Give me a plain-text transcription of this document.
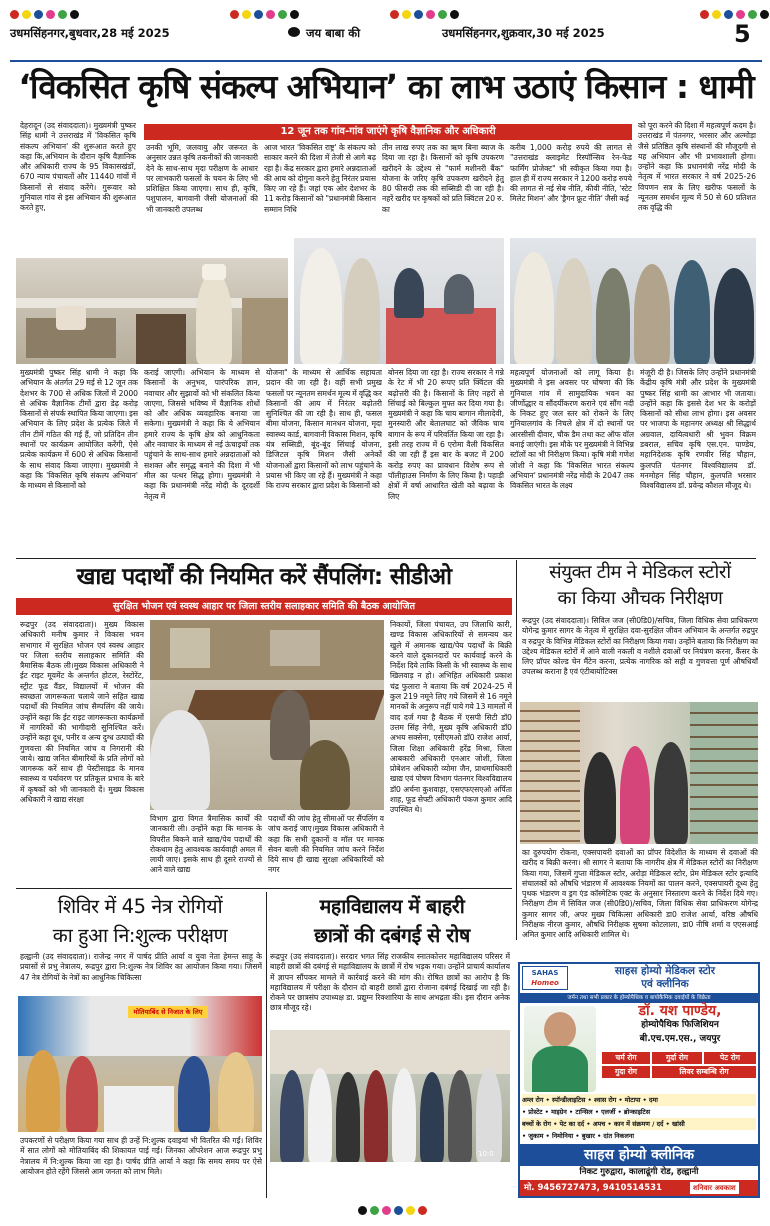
उधमसिंहनगर,बुधवार,28 मई 2025	जय बाबा की	उधमसिंहनगर,शुक्रवार,30 मई 2025	5
‘विकसित कृषि संकल्प अभियान’ का लाभ उठाएं किसान : धामी
देहरादून (उद संवाददाता)। मुख्यमंत्री पुष्कर सिंह धामी ने उत्तराखंड में 'विकसित कृषि संकल्प अभियान' की शुरूआत करते हुए कहा कि,अभियान के दौरान कृषि वैज्ञानिक और अधिकारी राज्य के 95 विकासखंडों, 670 न्याय पंचायतों और 11440 गांवों में किसानों से संवाद करेंगे। गुरूवार को गुनियाल गांव से इस अभियान की शुरूआत करते हुए,
12 जून तक गांव-गांव जाएंगे कृषि वैज्ञानिक और अधिकारी
उनकी भूमि, जलवायु और जरूरत के अनुसार उन्नत कृषि तकनीकों की जानकारी देने के साथ-साथ मृदा परीक्षण के आधार पर लाभकारी फसलों के चयन के लिए भी प्रशिक्षित किया जाएगा। साथ ही, कृषि, पशुपालन, बागवानी जैसी योजनाओं की भी जानकारी उपलब्ध
आज भारत 'विकसित राष्ट्र' के संकल्प को साकार करने की दिशा में तेजी से आगे बढ़ रहा है। केंद्र सरकार द्वारा हमारे अन्नदाताओं की आय को दोगुना करने हेतु निरंतर प्रयास किए जा रहे हैं। जहां एक ओर देशभर के 11 करोड़ किसानों को "प्रधानमंत्री किसान सम्मान निधि
तीन लाख रुपए तक का ऋण बिना ब्याज के दिया जा रहा है। किसानों को कृषि उपकरण खरीदने के उद्देश्य से "फार्म मशीनरी बैंक" योजना के जरिए कृषि उपकरण खरीदने हेतु 80 फीसदी तक की सब्सिडी दी जा रही है। नहरें खरीद पर कृषकों को प्रति क्विंटल 20 रु. का
करीब 1,000 करोड़ रुपये की लागत से "उत्तराखंड क्लाइमेट रिस्पॉन्सिव रेन-फेड फार्मिंग प्रोजेक्ट" भी स्वीकृत किया गया है। हाल ही में राज्य सरकार ने 1200 करोड़ रुपये की लागत से नई सेब नीति, कीवी नीति, 'स्टेट मिलेट मिशन' और 'ड्रैगन फ्रूट नीति' जैसी कई
को पूरा करने की दिशा में महत्वपूर्ण कदम है। उत्तराखंड में पंतनगर, भरसार और अल्मोड़ा जैसे प्रतिष्ठित कृषि संस्थानों की मौजूदगी से यह अभियान और भी प्रभावशाली होगा। उन्होंने कहा कि प्रधानमंत्री नरेंद्र मोदी के नेतृत्व में भारत सरकार ने वर्ष 2025-26 विपणन सत्र के लिए खरीफ फसलों के न्यूनतम समर्थन मूल्य में 50 से 60 प्रतिशत तक वृद्धि की
मुख्यमंत्री पुष्कर सिंह धामी ने कहा कि अभियान के अंतर्गत 29 मई से 12 जून तक देशभर के 700 से अधिक जिलों में 2000 से अधिक वैज्ञानिक टीमों द्वारा डेढ़ करोड़ किसानों से संपर्क स्थापित किया जाएगा। इस अभियान के लिए प्रदेश के प्रत्येक जिले में तीन टीमें गठित की गई हैं, जो प्रतिदिन तीन स्थानों पर कार्यक्रम आयोजित करेंगी, ऐसे प्रत्येक कार्यक्रम में 600 से अधिक किसानों के साथ संवाद किया जाएगा। मुख्यमंत्री ने कहा कि 'विकसित कृषि संकल्प अभियान' के माध्यम से किसानों को
कराई जाएगी। अभियान के माध्यम से किसानों के अनुभव, पारंपरिक ज्ञान, नवाचार और सुझावों को भी संकलित किया जाएगा, जिससे भविष्य में वैज्ञानिक शोधों को और अधिक व्यवहारिक बनाया जा सकेगा। मुख्यमंत्री ने कहा कि ये अभियान हमारे राज्य के कृषि क्षेत्र को आधुनिकता और नवाचार के माध्यम से नई ऊंचाइयों तक पहुंचाने के साथ-साथ हमारे अन्नदाताओं को सशक्त और समृद्ध बनाने की दिशा में भी मील का पत्थर सिद्ध होगा। मुख्यमंत्री ने कहा कि प्रधानमंत्री नरेंद्र मोदी के दूरदर्शी नेतृत्व में
योजना" के माध्यम से आर्थिक सहायता प्रदान की जा रही है। वहीं सभी प्रमुख फसलों पर न्यूनतम समर्थन मूल्य में वृद्धि कर किसानों की आय में निरंतर बढ़ोतरी सुनिश्चित की जा रही है। साथ ही, फसल बीमा योजना, किसान मानधन योजना, मृदा स्वास्थ्य कार्ड, बागवानी विकास मिशन, कृषि यंत्र सब्सिडी, बूंद-बूंद सिंचाई योजना, डिजिटल कृषि मिशन जैसी अनेकों योजनाओं द्वारा किसानों को लाभ पहुंचाने के प्रयास भी किए जा रहे हैं। मुख्यमंत्री ने कहा कि राज्य सरकार द्वारा प्रदेश के किसानों को
बोनस दिया जा रहा है। राज्य सरकार ने गन्ने के रेट में भी 20 रूपए प्रति क्विंटल की बढ़ोत्तरी की है। किसानों के लिए नहरों से सिंचाई को बिल्कुल मुफ्त कर दिया गया है। मुख्यमंत्री ने कहा कि चाय बागान मीलादेवी, मुनस्यारी और बेतालघाट को जैविक चाय बागान के रूप में परिवर्तित किया जा रहा है। इसी तरह राज्य में 6 एरोमा वैली विकसित की जा रही हैं इस बार के बजट में 200 करोड़ रुपए का प्रावधान विशेष रूप से पॉलीहाउस निर्माण के लिए किया है। पहाड़ी क्षेत्रों में वर्षा आधारित खेती को बढ़ावा के लिए
महत्वपूर्ण योजनाओं को लागू किया है। मुख्यमंत्री ने इस अवसर पर घोषणा की कि गुनियाल गांव में सामुदायिक भवन का जीर्णोद्धार व सौंदर्यीकरण कराने एवं सौंग नदी के निकट हुए जल स्तर को रोकने के लिए गुनियालगांव के निचले क्षेत्र में दो स्थानों पर आरसीसी दीवार, चौक डैम तथा कट ऑफ वॉल बनाई जाएंगी। इस मौके पर मुख्यमंत्री ने विभिन्न स्टॉलों का भी निरीक्षण किया। कृषि मंत्री गणेश जोशी ने कहा कि 'विकसित भारत संकल्प अभियान' प्रधानमंत्री नरेंद्र मोदी के 2047 तक विकसित भारत के लक्ष्य
मंजूरी दी है। जिसके लिए उन्होंने प्रधानमंत्री केंद्रीय कृषि मंत्री और प्रदेश के मुख्यमंत्री पुष्कर सिंह धामी का आभार भी जताया। उन्होंने कहा कि इससे देश भर के करोड़ों किसानों को सीधा लाभ होगा। इस अवसर पर भाजपा के महानगर अध्यक्ष श्री सिद्धार्थ अग्रवाल, दायित्वधारी श्री भुवन विक्रम डबराल, सचिव कृषि एस.एन. पाण्डेय, महानिदेशक कृषि रणवीर सिंह चौहान, कुलपति पंतनगर विश्वविद्यालय डॉ. मनमोहन सिंह चौहान, कुलपति भरसार विश्वविद्यालय डॉ. प्रवेन्द्र कौशल मौजूद थे।
खाद्य पदार्थों की नियमित करें सैंपलिंग: सीडीओ
सुरक्षित भोजन एवं स्वस्थ आहार पर जिला स्तरीय सलाहकार समिति की बैठक आयोजित
रूद्रपुर (उद संवाददाता)। मुख्य विकास अधिकारी मनीष कुमार ने विकास भवन सभागार में सुरक्षित भोजन एवं स्वस्थ आहार पर जिला स्तरीय सलाहकार समिति की त्रैमासिक बैठक ली।मुख्य विकास अधिकारी ने ईट राइट मूवमेंट के अन्तर्गत होटल, रेस्टोरेंट, स्ट्रीट फूड वैंडर, विद्यालयों में भोजन की स्वच्छता जागरूकता चलाये जाने सहित खाद्य पदार्थों की नियमित जांच सैम्पलिंग की जाये। उन्होंने कहा कि ईट राइट जागरूकता कार्यक्रमों में नागरिकों की भागीदारी सुनिश्चित करें। उन्होंने कहा दूध, पनीर व अन्य दुग्ध उत्पादों की गुणवत्ता की नियमित जांच व निगरानी की जाये। खाद्य जनित बीमारियों के प्रति लोगों को जागरूक करें साथ ही पेस्टीसाइड के मानव स्वास्थ्य व पर्यावरण पर प्रतिकूल प्रभाव के बारे में कृषकों को भी जानकारी दें। मुख्य विकास अधिकारी ने खाद्य संरक्षा
विभाग द्वारा विगत त्रैमासिक कार्यों की जानकारी ली। उन्होंने कहा कि मानक के विपरीत बिकने वाले खाद्य/पेय पदार्थों की रोकथाम हेतु आवश्यक कार्यवाही अमल में लायी जाए। इसके साथ ही दूसरे राज्यों से आने वाले खाद्य
पदार्थों की जांच हेतु सीमाओं पर सैंपलिंग व जांच कराई जाए।मुख्य विकास अधिकारी ने कहा कि सभी दुकानों व मॉल पर मानक सेवन बाली की नियमित जांच करने निर्देश दिये साथ ही खाद्य सुरक्षा अधिकारियों को नगर
निकायों, जिला पंचायत, उप जिलाधि कारी, खण्ड विकास अधिकारियों से समन्वय कर खुले में अमानक खाद्य/पेय पदार्थों के बिक्री करने वाले दुकानदारों पर कार्यवाई करने के निर्देश दिये ताकि किसी के भी स्वास्थ्य के साथ खिलवाड़ न हो। अभिहित अधिकारी प्रकाश चंद्र फुलारा ने बताया कि वर्ष 2024-25 में कुल 219 नमूने लिए गये जिसमें से 16 नमूने मानकों के अनुरूप नहीं पाये गये 13 मामलों में वाद दर्ज गया है बैठक में एसपी सिटी डॉ0 उत्तम सिंह नेगी, मुख्य कृषि अधिकारी डॉ0 अभय सक्सेना, एसीएमओ डॉ0 राजेश आर्या, जिला शिक्षा अधिकारी हरेंद्र मिश्रा, जिला आबकारी अधिकारी एनआर जोशी, जिला प्रोबेशन अधिकारी व्योमा जैन, प्राथमाधिकारी खाद्य एवं पोषण विभाग पंतनगर विश्वविद्यालय डॉ0 अर्चना कुशवाहा, एसएफएसएओ अर्पिता शाह, फूड सेफ्टी अधिकारी पंकज कुमार आदि उपस्थित थे।
संयुक्त टीम ने मेडिकल स्टोरों
का किया औचक निरीक्षण
रूद्रपुर (उद संवाददाता)। सिविल जज (सी0डि0)/सचिव, जिला विधिक सेवा प्राधिकरण योगेन्द्र कुमार सागर के नेतृत्व में सुरक्षित दवा-सुरक्षित जीवन अभियान के अन्तर्गत रुद्रपुर व रुद्रपुर के विभिन्न मेडिकल स्टोरों का निरीक्षण किया गया। उन्होंने बताया कि निरीक्षण का उद्देश्य मेडिकल स्टोरों में आने वाली नकली व नशीले दवाओं पर नियंत्रण करना, कैंसर के लिए प्रॉपर कोल्ड चेन मैंटेन करना, प्रत्येक नागरिक को सही व गुणवत्ता पूर्ण औषधियाँ उपलब्ध कराना है एवं एंटीबायोटिक्स
का दुरुपयोग रोकना, एक्सपायरी दवाओं का प्रॉपर विदेशीत के माध्यम से दवाओं की खरीद व बिक्री करना। श्री सागर ने बताया कि नागरीय क्षेत्र में मेडिकल स्टोरों का निरीक्षण किया गया, जिसमें गुप्ता मेडिकल स्टोर, अरोड़ा मेडिकल स्टोर, प्रेम मेडिकल स्टोर इत्यादि संचालकों को औषधि भंडारण में आवश्यक नियमों का पालन करने, एक्सपायरी दूध्य हेतु पृथक भंडारण व ड्रग एंड कॉस्मेटिक एक्ट के अनुसार निस्तारण करने के निर्देश दिये गए। निरीक्षण टीम में सिविल जज (सी0डि0)/सचिव, जिला विधिक सेवा प्राधिकरण योगेन्द्र कुमार सागर जी, अपर मुख्य चिकित्सा अधिकारी डा0 राजेश आर्या, वरिष्ठ औषधि निरीक्षक नीरज कुमार, औषधि निरीक्षक सुषमा कोटलाला, डा0 नीषि शर्मा व एएसआई अमित कुमार आदि अधिकारी शामिल थे।
शिविर में 45 नेत्र रोगियों
का हुआ नि:शुल्क परीक्षण
हल्द्वानी (उद संवाददाता)। राजेन्द्र नगर में पार्षद प्रीति आर्या व युवा नेता हेमन्त साहू के प्रयासों से प्रभु नेत्रालय, रूद्रपुर द्वारा नि:शुल्क नेत्र शिविर का आयोजन किया गया। जिसमें 47 नेत्र रोगियों के नेत्रों का आधुनिक चिकित्सा
मोतियाबिंद से निजात के लिए
उपकरणों से परीक्षण किया गया साथ ही उन्हें नि:शुल्क दवाइयां भी वितरित की गईं। शिविर में सात लोगों को मोतियाबिंद की शिकायत पाई गई। जिनका ऑपरेशन आज रूद्रपुर प्रभु नेत्रालय में नि:शुल्क किया जा रहा है। पार्षद प्रीति आर्या ने कहा कि समय समय पर ऐसे आयोजन होते रहेंगे जिससे आम जनता को लाभ मिले।
महाविद्यालय में बाहरी
छात्रों की दबंगई से रोष
रूद्रपुर (उद संवाददाता)। सरदार भगत सिंह राजकीय स्नातकोत्तर महाविद्यालय परिसर में बाहरी छात्रों की दबंगई से महाविद्यालय के छात्रों में रोष भड़क गया। उन्होंने प्राचार्य कार्यालय में ज्ञापन सौंपकर मामले में कार्रवाई करने की मांग की। रोषित छात्रों का आरोप है कि महाविद्यालय में परीक्षा के दौरान दो बाहरी छात्रों द्वारा रोजाना दबंगई दिखाई जा रही है। रोकने पर छात्रसंघ उपाध्यक्ष डा. प्रद्युम्न रिक्शारिया के साथ अभद्रता की। इस दौरान अनेक छात्र मौजूद रहे।
10:0
SAHAS
Homeo
साहस होम्यो मेडिकल स्टोर
एवं क्लीनिक
जर्मन तथा सभी प्रकार के होम्योपैथिक व बायोकैमिक दवाईयों के विक्रेता
डॉ. यश पाण्डेय,
होम्योपैथिक फिजिशियन
बी.एच.एम.एस., जयपुर
चर्म रोग	गुर्दा रोग	पेट रोग
गुदा रोग	लिवर सम्बन्धि रोग
अम्ल रोग • स्पॉन्डीलाइटिस • श्वास रोग • मोटापा • दमा
• प्रोस्टेट • माइग्रेन • टान्सिल • एलर्जी • ब्रोन्काइटिस
बच्चों के रोग • पेट का दर्द • अपच • कान में संक्रमण / दर्द • खांसी
• जुकाम • निमोनिया • बुखार • दांत निकलना
साहस होम्यो क्लीनिक
निकट गुरुद्वारा, कालाढूंगी रोड, हल्द्वानी
मो. 9456727473, 9410514531	शनिवार अवकाश
